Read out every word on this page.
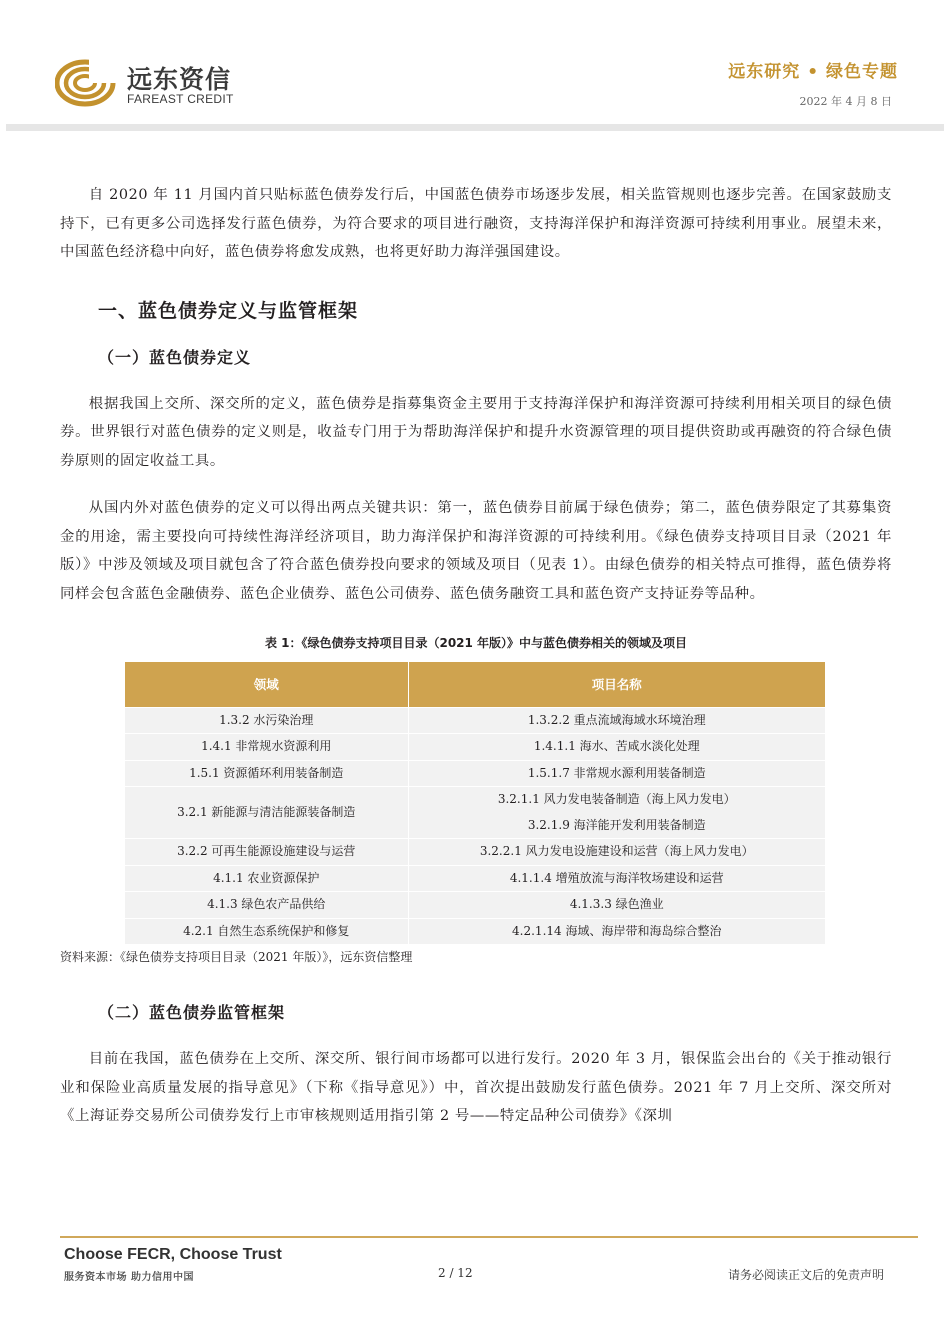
远东资信
FAREAST CREDIT
远东研究 • 绿色专题
2022 年 4 月 8 日

自 2020 年 11 月国内首只贴标蓝色债券发行后，中国蓝色债券市场逐步发展，相关监管规则也逐步完善。在国家鼓励支持下，已有更多公司选择发行蓝色债券，为符合要求的项目进行融资，支持海洋保护和海洋资源可持续利用事业。展望未来，中国蓝色经济稳中向好，蓝色债券将愈发成熟，也将更好助力海洋强国建设。

一、蓝色债券定义与监管框架
（一）蓝色债券定义

根据我国上交所、深交所的定义，蓝色债券是指募集资金主要用于支持海洋保护和海洋资源可持续利用相关项目的绿色债券。世界银行对蓝色债券的定义则是，收益专门用于为帮助海洋保护和提升水资源管理的项目提供资助或再融资的符合绿色债券原则的固定收益工具。

从国内外对蓝色债券的定义可以得出两点关键共识：第一，蓝色债券目前属于绿色债券；第二，蓝色债券限定了其募集资金的用途，需主要投向可持续性海洋经济项目，助力海洋保护和海洋资源的可持续利用。《绿色债券支持项目目录（2021 年版）》中涉及领域及项目就包含了符合蓝色债券投向要求的领域及项目（见表 1）。由绿色债券的相关特点可推得，蓝色债券将同样会包含蓝色金融债券、蓝色企业债券、蓝色公司债券、蓝色债务融资工具和蓝色资产支持证券等品种。

表 1：《绿色债券支持项目目录（2021 年版）》中与蓝色债券相关的领域及项目
领域	项目名称
1.3.2 水污染治理	1.3.2.2 重点流域海域水环境治理
1.4.1 非常规水资源利用	1.4.1.1 海水、苦咸水淡化处理
1.5.1 资源循环利用装备制造	1.5.1.7 非常规水源利用装备制造
3.2.1 新能源与清洁能源装备制造	3.2.1.1 风力发电装备制造（海上风力发电）
3.2.1.9 海洋能开发利用装备制造

3.2.2 可再生能源设施建设与运营	3.2.2.1 风力发电设施建设和运营（海上风力发电）
4.1.1 农业资源保护	4.1.1.4 增殖放流与海洋牧场建设和运营
4.1.3 绿色农产品供给	4.1.3.3 绿色渔业
4.2.1 自然生态系统保护和修复	4.2.1.14 海域、海岸带和海岛综合整治
资料来源：《绿色债券支持项目目录（2021 年版）》，远东资信整理
（二）蓝色债券监管框架

目前在我国，蓝色债券在上交所、深交所、银行间市场都可以进行发行。2020 年 3 月，银保监会出台的《关于推动银行业和保险业高质量发展的指导意见》（下称《指导意见》）中，首次提出鼓励发行蓝色债券。2021 年 7 月上交所、深交所对《上海证券交易所公司债券发行上市审核规则适用指引第 2 号——特定品种公司债券》《深圳

Choose FECR, Choose Trust
服务资本市场 助力信用中国	2 / 12	请务必阅读正文后的免责声明
